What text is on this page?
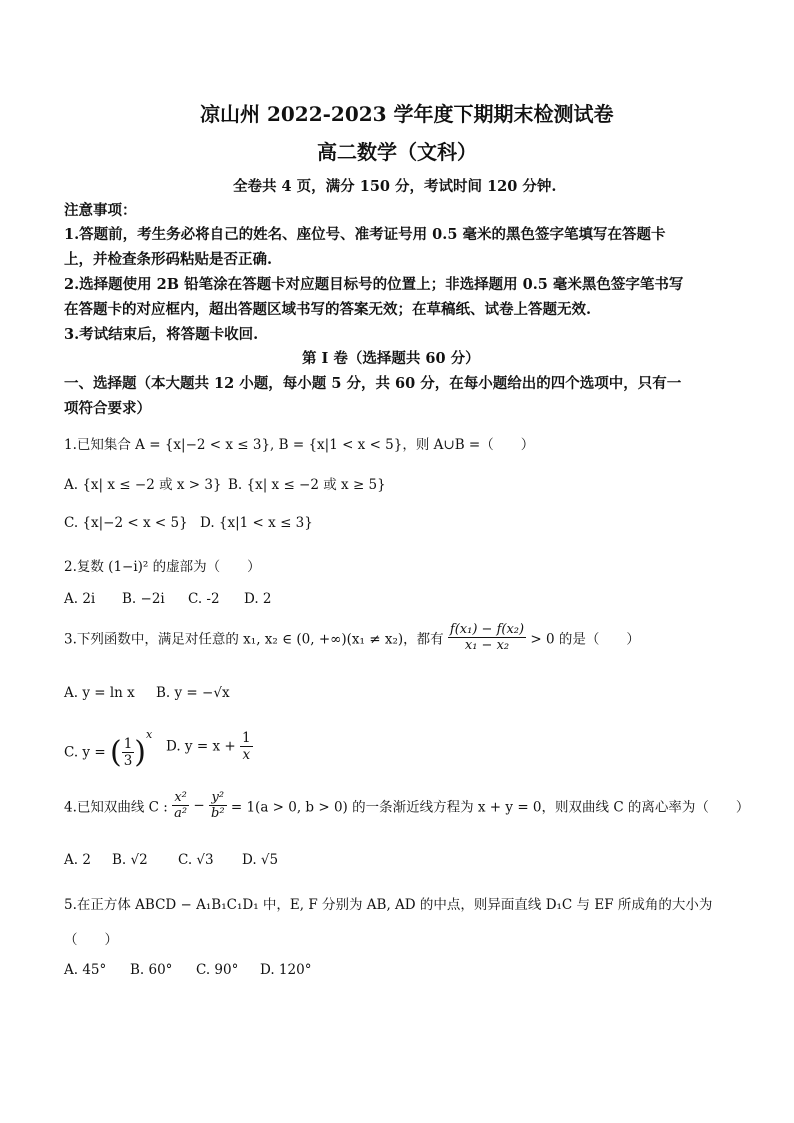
凉山州 2022-2023 学年度下期期末检测试卷
高二数学（文科）
全卷共 4 页，满分 150 分，考试时间 120 分钟.
注意事项：
1.答题前，考生务必将自己的姓名、座位号、准考证号用 0.5 毫米的黑色签字笔填写在答题卡
上，并检查条形码粘贴是否正确.
2.选择题使用 2B 铅笔涂在答题卡对应题目标号的位置上；非选择题用 0.5 毫米黑色签字笔书写
在答题卡的对应框内，超出答题区域书写的答案无效；在草稿纸、试卷上答题无效.
3.考试结束后，将答题卡收回.
第 I 卷（选择题共 60 分）
一、选择题（本大题共 12 小题，每小题 5 分，共 60 分，在每小题给出的四个选项中，只有一
项符合要求）
1.已知集合 A = {x|−2 < x ≤ 3}, B = {x|1 < x < 5}，则 A∪B =（　　）
A. {x| x ≤ −2 或 x > 3} B. {x| x ≤ −2 或 x ≥ 5}
C. {x|−2 < x < 5} D. {x|1 < x ≤ 3}
2.复数 (1−i)² 的虚部为（　　）
A. 2i B. −2i C. -2 D. 2
3.下列函数中，满足对任意的 x₁, x₂ ∈ (0, +∞)(x₁ ≠ x₂)，都有 $\frac{\text{f(x₁) − f(x₂)}}{\text{x₁ − x₂}} > 0$ 的是（　　）
A. y = ln x B. y = −√x
C. y = ( $\frac{1}{3} )^x$
D. $y = x + \frac{1}{x}$
4.已知双曲线 C : $\frac{\text{x²}}{\text{a²}} - \frac{\text{y²}}{\text{b²}} = 1(a > 0$, b > 0) 的一条渐近线方程为 x + y = 0，则双曲线 C 的离心率为（　　）
A. 2 B. √2 C. √3 D. √5
5.在正方体 ABCD − A₁B₁C₁D₁ 中，E, F 分别为 AB, AD 的中点，则异面直线 D₁C 与 EF 所成角的大小为
（　　）
A. 45° B. 60° C. 90° D. 120°
